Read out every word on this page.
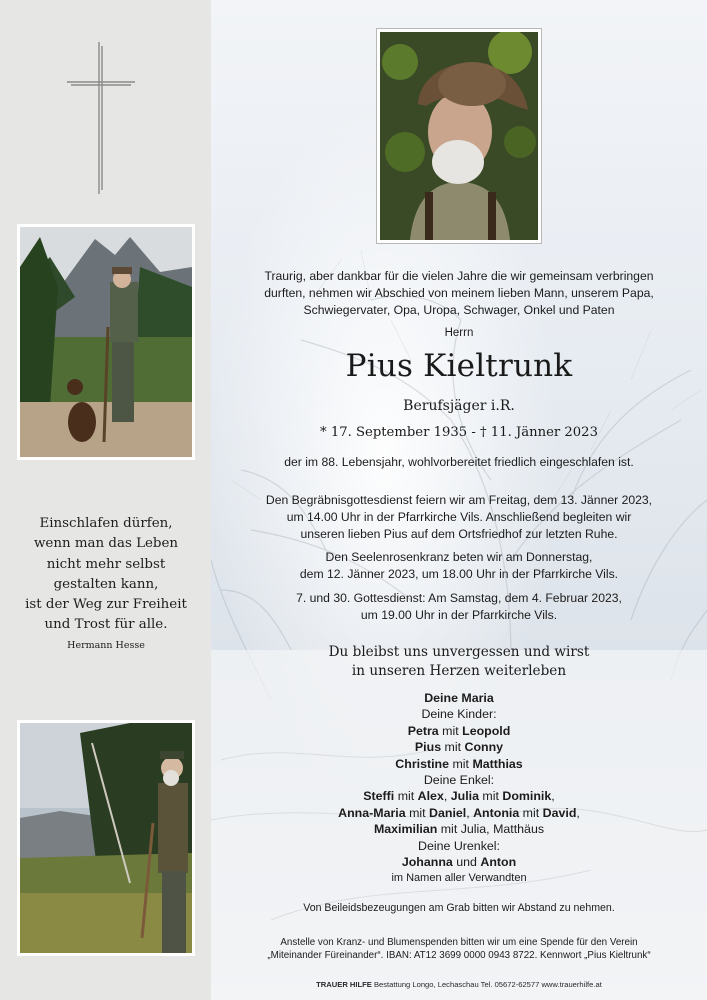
Einschlafen dürfen,
wenn man das Leben
nicht mehr selbst
gestalten kann,
ist der Weg zur Freiheit
und Trost für alle.
Hermann Hesse
Traurig, aber dankbar für die vielen Jahre die wir gemeinsam verbringen
durften, nehmen wir Abschied von meinem lieben Mann, unserem Papa,
Schwiegervater, Opa, Uropa, Schwager, Onkel und Paten
Herrn
Pius Kieltrunk
Berufsjäger i.R.
* 17. September 1935 - † 11. Jänner 2023
der im 88. Lebensjahr, wohlvorbereitet friedlich eingeschlafen ist.
Den Begräbnisgottesdienst feiern wir am Freitag, dem 13. Jänner 2023,
um 14.00 Uhr in der Pfarrkirche Vils. Anschließend begleiten wir
unseren lieben Pius auf dem Ortsfriedhof zur letzten Ruhe.
Den Seelenrosenkranz beten wir am Donnerstag,
dem 12. Jänner 2023, um 18.00 Uhr in der Pfarrkirche Vils.
7. und 30. Gottesdienst: Am Samstag, dem 4. Februar 2023,
um 19.00 Uhr in der Pfarrkirche Vils.
Du bleibst uns unvergessen und wirst
in unseren Herzen weiterleben
Deine Maria
Deine Kinder:
Petra mit Leopold
Pius mit Conny
Christine mit Matthias
Deine Enkel:
Steffi mit Alex, Julia mit Dominik,
Anna-Maria mit Daniel, Antonia mit David,
Maximilian mit Julia, Matthäus
Deine Urenkel:
Johanna und Anton
im Namen aller Verwandten
Von Beileidsbezeugungen am Grab bitten wir Abstand zu nehmen.
Anstelle von Kranz- und Blumenspenden bitten wir um eine Spende für den Verein
„Miteinander Füreinander“. IBAN: AT12 3699 0000 0943 8722. Kennwort „Pius Kieltrunk“
TRAUER HILFE Bestattung Longo, Lechaschau Tel. 05672-62577 www.trauerhilfe.at
